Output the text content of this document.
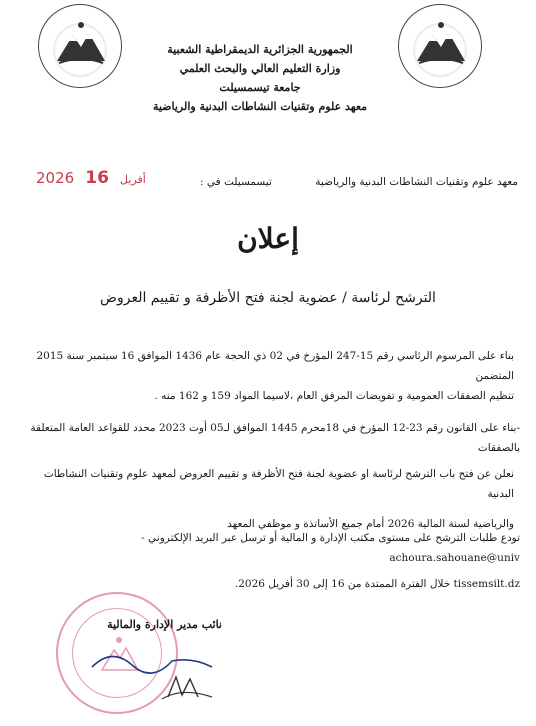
الجمهورية الجزائرية الديمقراطية الشعبية
وزارة التعليم العالي والبحث العلمي
جامعة تيسمسيلت
معهد علوم وتقنيات النشاطات البدنية والرياضية
معهد علوم وتقنيات النشاطات البدنية والرياضية
تيسمسيلت في :
2026	أفريل 16
إعلان
الترشح لرئاسة / عضوية لجنة فتح الأظرفة و تقييم العروض
بناء على المرسوم الرئاسي رقم 15-247 المؤرخ في 02 ذي الحجة عام 1436 الموافق 16 سبتمبر سنة 2015 المتضمن
تنظيم الصفقات العمومية و تفويضات المرفق العام ،لاسيما المواد 159 و 162 منه .
-بناء على القانون رقم 23-12 المؤرخ في 18محرم 1445 الموافق لـ05 أوت 2023 محدد للقواعد العامة المتعلقة بالصفقات
نعلن عن فتح باب الترشح لرئاسة او عضوية لجنة فتح الأظرفة و تقييم العروض لمعهد علوم وتقنيات النشاطات البدنية
والرياضية لسنة المالية 2026 أمام جميع الأساتذة و موظفي المعهد
تودع طلبات الترشح على مستوى مكتب الإدارة و المالية أو ترسل عبر البريد الإلكتروني -achoura.sahouane@univ
tissemsilt.dz خلال الفترة الممتدة من 16 إلى 30 أفريل 2026.
نائب مدير الإدارة والمالية
